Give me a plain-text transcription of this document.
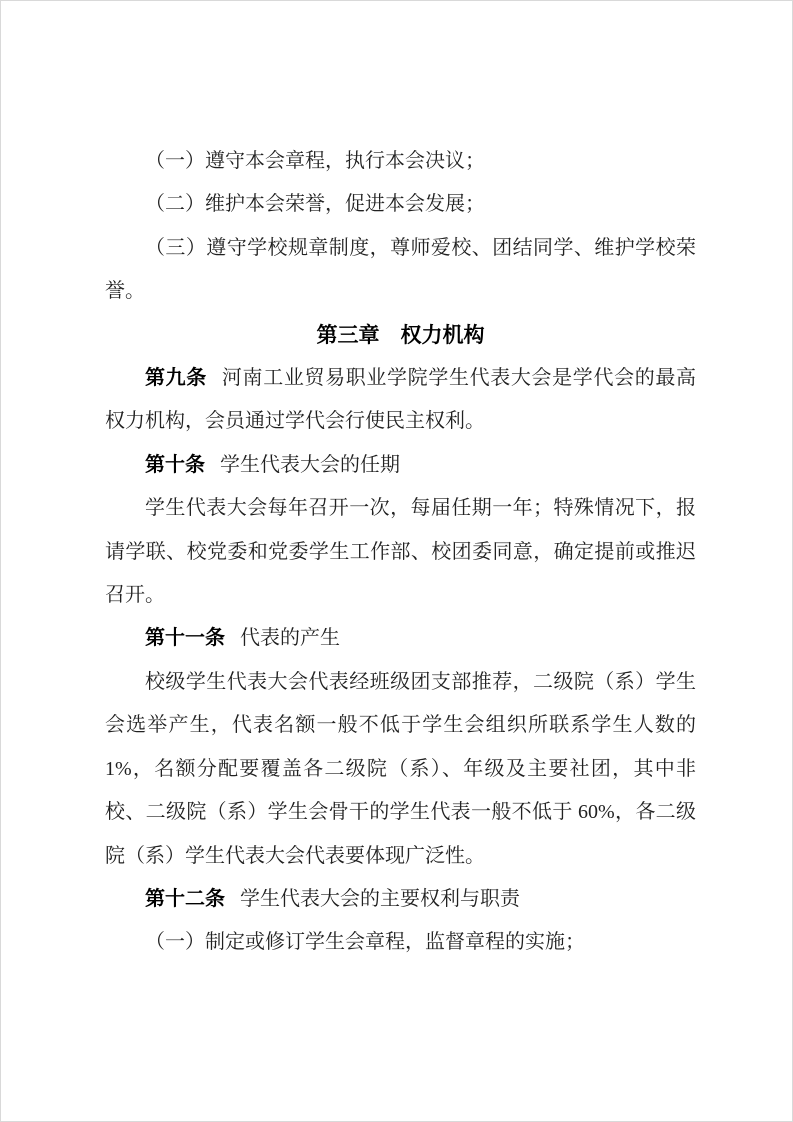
（一）遵守本会章程，执行本会决议；

（二）维护本会荣誉，促进本会发展；

（三）遵守学校规章制度，尊师爱校、团结同学、维护学校荣誉。

第三章　权力机构

第九条 河南工业贸易职业学院学生代表大会是学代会的最高权力机构，会员通过学代会行使民主权利。

第十条 学生代表大会的任期

学生代表大会每年召开一次，每届任期一年；特殊情况下，报请学联、校党委和党委学生工作部、校团委同意，确定提前或推迟召开。

第十一条 代表的产生

校级学生代表大会代表经班级团支部推荐，二级院（系）学生会选举产生，代表名额一般不低于学生会组织所联系学生人数的 1%，名额分配要覆盖各二级院（系）、年级及主要社团，其中非校、二级院（系）学生会骨干的学生代表一般不低于 60%，各二级院（系）学生代表大会代表要体现广泛性。

第十二条 学生代表大会的主要权利与职责

（一）制定或修订学生会章程，监督章程的实施；
